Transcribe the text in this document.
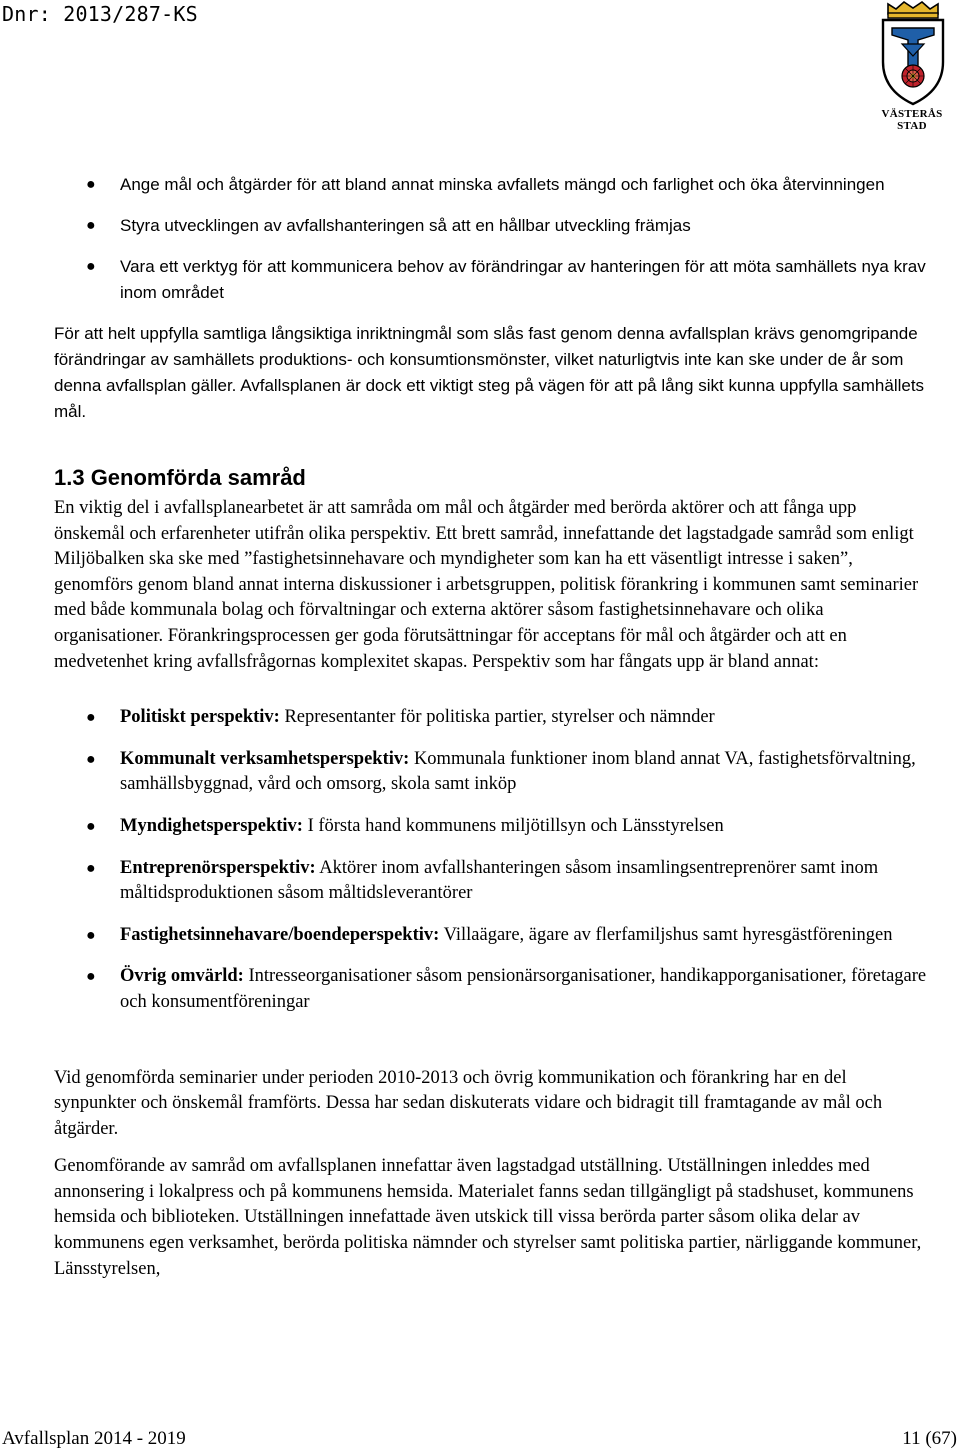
Dnr: 2013/287-KS
VÄSTERÅS STAD
● Ange mål och åtgärder för att bland annat minska avfallets mängd och farlighet och öka återvinningen
● Styra utvecklingen av avfallshanteringen så att en hållbar utveckling främjas
● Vara ett verktyg för att kommunicera behov av förändringar av hanteringen för att möta samhällets nya krav inom området

För att helt uppfylla samtliga långsiktiga inriktningmål som slås fast genom denna avfallsplan krävs genomgripande förändringar av samhällets produktions- och konsumtionsmönster, vilket naturligtvis inte kan ske under de år som denna avfallsplan gäller. Avfallsplanen är dock ett viktigt steg på vägen för att på lång sikt kunna uppfylla samhällets mål.

1.3 Genomförda samråd

En viktig del i avfallsplanearbetet är att samråda om mål och åtgärder med berörda aktörer och att fånga upp önskemål och erfarenheter utifrån olika perspektiv. Ett brett samråd, innefattande det lagstadgade samråd som enligt Miljöbalken ska ske med ”fastighetsinnehavare och myndigheter som kan ha ett väsentligt intresse i saken”, genomförs genom bland annat interna diskussioner i arbetsgruppen, politisk förankring i kommunen samt seminarier med både kommunala bolag och förvaltningar och externa aktörer såsom fastighetsinnehavare och olika organisationer. Förankringsprocessen ger goda förutsättningar för acceptans för mål och åtgärder och att en medvetenhet kring avfallsfrågornas komplexitet skapas. Perspektiv som har fångats upp är bland annat:

● Politiskt perspektiv: Representanter för politiska partier, styrelser och nämnder
● Kommunalt verksamhetsperspektiv: Kommunala funktioner inom bland annat VA, fastighetsförvaltning, samhällsbyggnad, vård och omsorg, skola samt inköp
● Myndighetsperspektiv: I första hand kommunens miljötillsyn och Länsstyrelsen
● Entreprenörsperspektiv: Aktörer inom avfallshanteringen såsom insamlingsentreprenörer samt inom måltidsproduktionen såsom måltidsleverantörer
● Fastighetsinnehavare/boendeperspektiv: Villaägare, ägare av flerfamiljshus samt hyresgästföreningen
● Övrig omvärld: Intresseorganisationer såsom pensionärsorganisationer, handikapporganisationer, företagare och konsumentföreningar

Vid genomförda seminarier under perioden 2010-2013 och övrig kommunikation och förankring har en del synpunkter och önskemål framförts. Dessa har sedan diskuterats vidare och bidragit till framtagande av mål och åtgärder.

Genomförande av samråd om avfallsplanen innefattar även lagstadgad utställning. Utställningen inleddes med annonsering i lokalpress och på kommunens hemsida. Materialet fanns sedan tillgängligt på stadshuset, kommunens hemsida och biblioteken. Utställningen innefattade även utskick till vissa berörda parter såsom olika delar av kommunens egen verksamhet, berörda politiska nämnder och styrelser samt politiska partier, närliggande kommuner, Länsstyrelsen,

Avfallsplan 2014 - 2019	11 (67)
